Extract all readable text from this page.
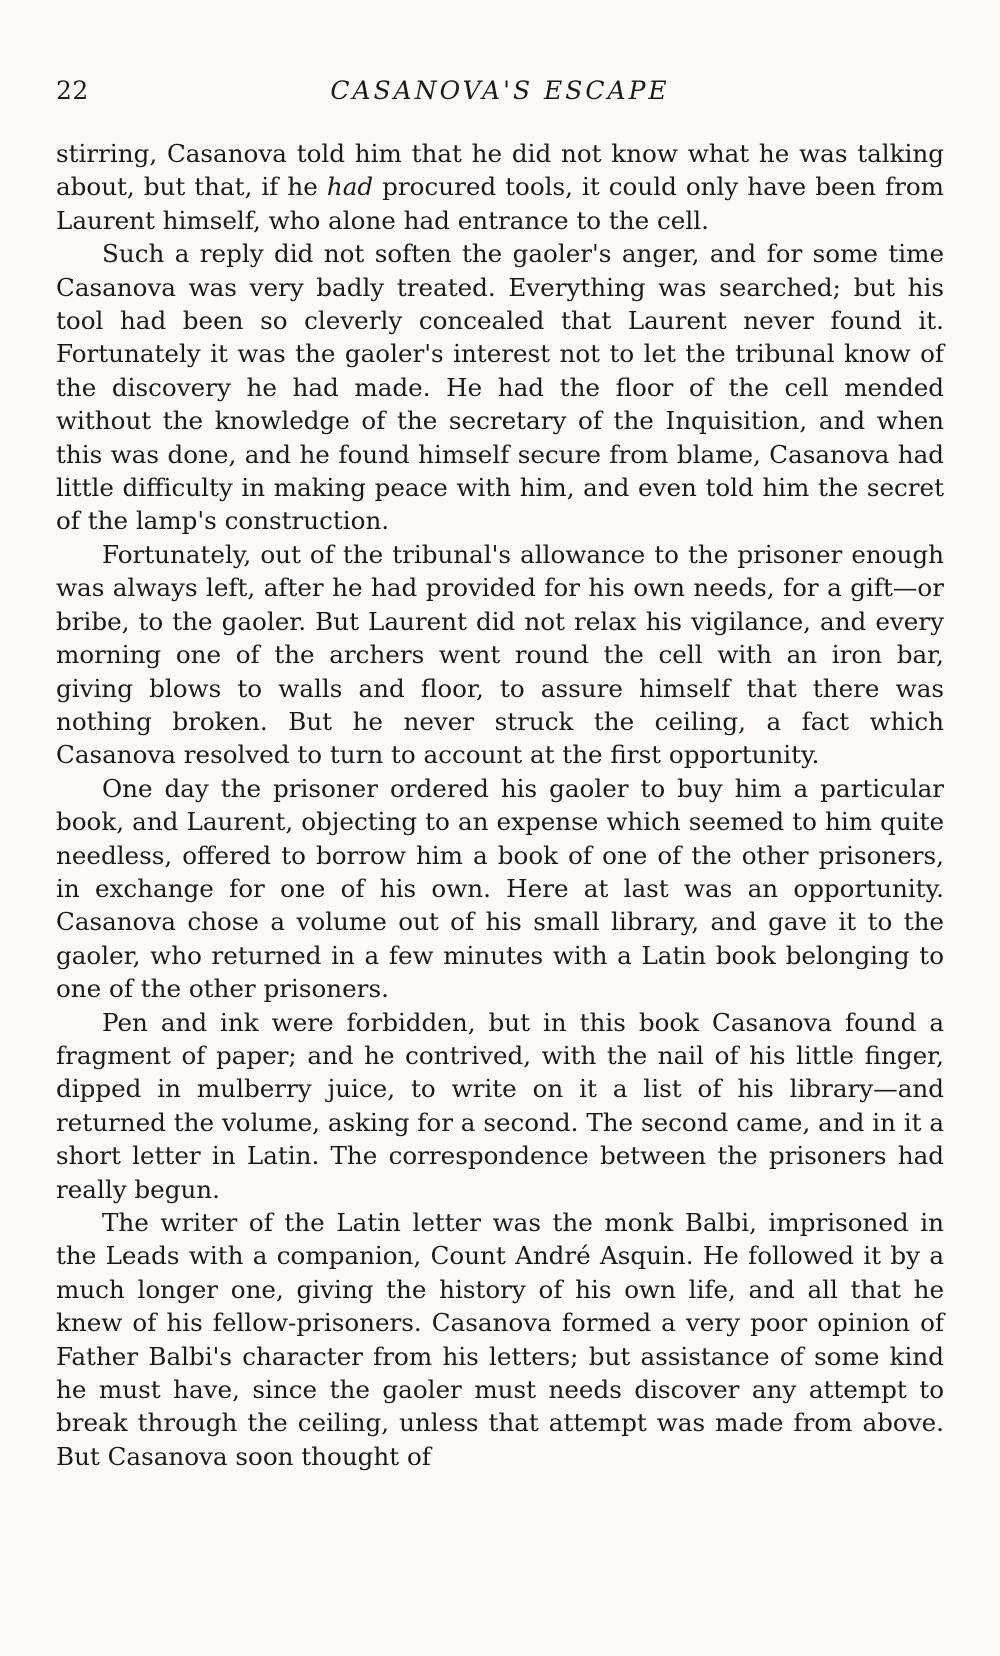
22	CASANOVA'S ESCAPE

stirring, Casanova told him that he did not know what he was talking about, but that, if he had procured tools, it could only have been from Laurent himself, who alone had entrance to the cell.

Such a reply did not soften the gaoler's anger, and for some time Casanova was very badly treated. Everything was searched; but his tool had been so cleverly concealed that Laurent never found it. Fortunately it was the gaoler's interest not to let the tribunal know of the discovery he had made. He had the floor of the cell mended without the knowledge of the secretary of the Inquisition, and when this was done, and he found himself secure from blame, Casanova had little difficulty in making peace with him, and even told him the secret of the lamp's construction.

Fortunately, out of the tribunal's allowance to the prisoner enough was always left, after he had provided for his own needs, for a gift—or bribe, to the gaoler. But Laurent did not relax his vigilance, and every morning one of the archers went round the cell with an iron bar, giving blows to walls and floor, to assure himself that there was nothing broken. But he never struck the ceiling, a fact which Casanova resolved to turn to account at the first opportunity.

One day the prisoner ordered his gaoler to buy him a particular book, and Laurent, objecting to an expense which seemed to him quite needless, offered to borrow him a book of one of the other prisoners, in exchange for one of his own. Here at last was an opportunity. Casanova chose a volume out of his small library, and gave it to the gaoler, who returned in a few minutes with a Latin book belonging to one of the other prisoners.

Pen and ink were forbidden, but in this book Casanova found a fragment of paper; and he contrived, with the nail of his little finger, dipped in mulberry juice, to write on it a list of his library—and returned the volume, asking for a second. The second came, and in it a short letter in Latin. The correspondence between the prisoners had really begun.

The writer of the Latin letter was the monk Balbi, imprisoned in the Leads with a companion, Count André Asquin. He followed it by a much longer one, giving the history of his own life, and all that he knew of his fellow-prisoners. Casanova formed a very poor opinion of Father Balbi's character from his letters; but assistance of some kind he must have, since the gaoler must needs discover any attempt to break through the ceiling, unless that attempt was made from above. But Casanova soon thought of
